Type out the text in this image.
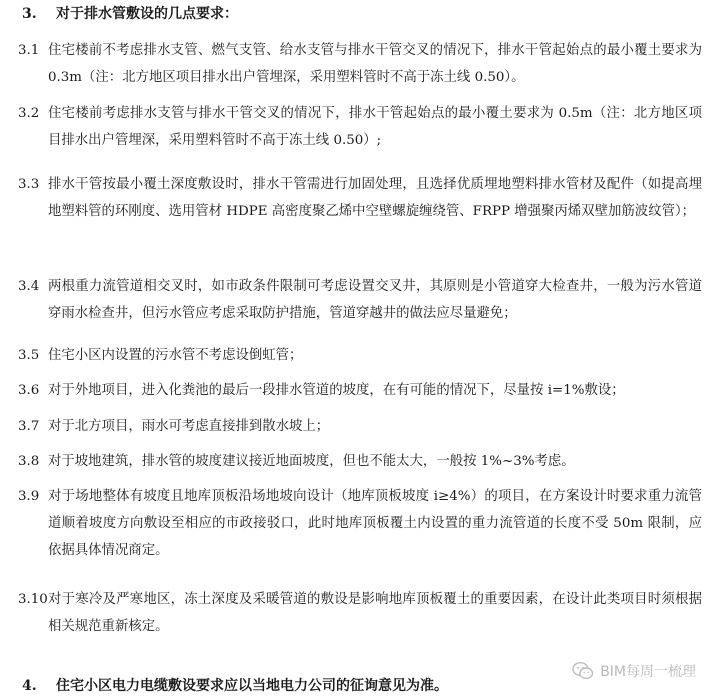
3. 对于排水管敷设的几点要求：
3.1 住宅楼前不考虑排水支管、燃气支管、给水支管与排水干管交叉的情况下，排水干管起始点的最小覆土要求为 0.3m（注：北方地区项目排水出户管埋深，采用塑料管时不高于冻土线 0.50）。
3.2 住宅楼前考虑排水支管与排水干管交叉的情况下，排水干管起始点的最小覆土要求为 0.5m（注：北方地区项目排水出户管埋深，采用塑料管时不高于冻土线 0.50）;
3.3 排水干管按最小覆土深度敷设时，排水干管需进行加固处理，且选择优质埋地塑料排水管材及配件（如提高埋地塑料管的环刚度、选用管材 HDPE 高密度聚乙烯中空壁螺旋缠绕管、FRPP 增强聚丙烯双壁加筋波纹管）；
3.4 两根重力流管道相交叉时，如市政条件限制可考虑设置交叉井，其原则是小管道穿大检查井，一般为污水管道穿雨水检查井，但污水管应考虑采取防护措施，管道穿越井的做法应尽量避免；
3.5 住宅小区内设置的污水管不考虑设倒虹管；
3.6 对于外地项目，进入化粪池的最后一段排水管道的坡度，在有可能的情况下，尽量按 i=1%敷设；
3.7 对于北方项目，雨水可考虑直接排到散水坡上；
3.8 对于坡地建筑，排水管的坡度建议接近地面坡度，但也不能太大，一般按 1%~3%考虑。
3.9 对于场地整体有坡度且地库顶板沿场地坡向设计（地库顶板坡度 i≥4%）的项目，在方案设计时要求重力流管道顺着坡度方向敷设至相应的市政接驳口，此时地库顶板覆土内设置的重力流管道的长度不受 50m 限制，应依据具体情况商定。
3.10 对于寒冷及严寒地区，冻土深度及采暖管道的敷设是影响地库顶板覆土的重要因素，在设计此类项目时须根据相关规范重新核定。
BIM每周一梳理
4. 住宅小区电力电缆敷设要求应以当地电力公司的征询意见为准。
